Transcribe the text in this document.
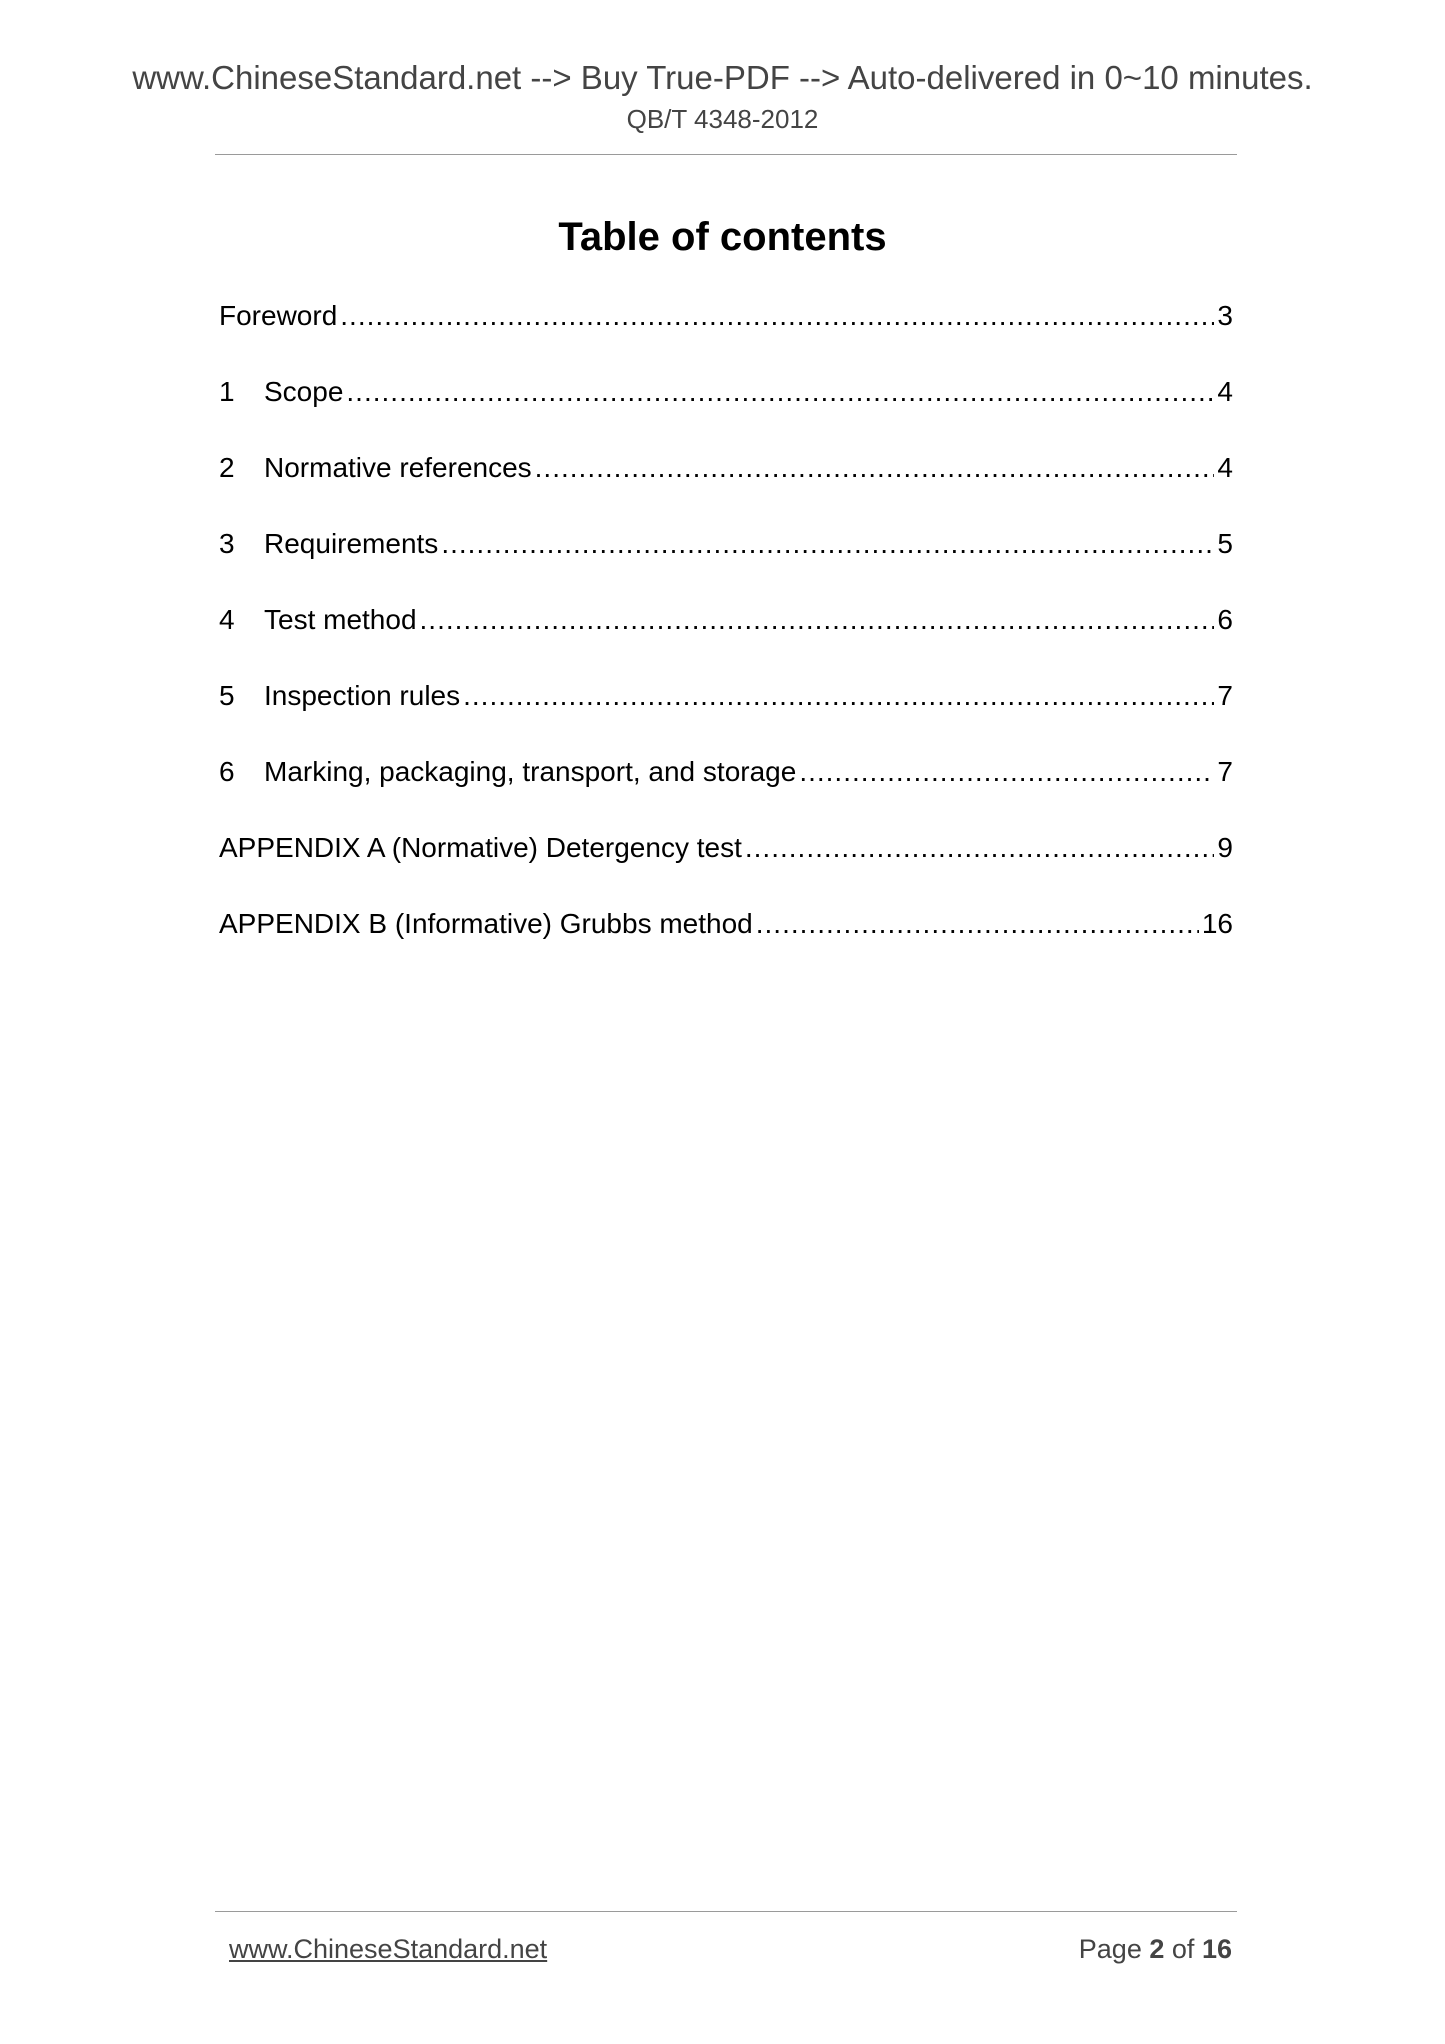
www.ChineseStandard.net --> Buy True-PDF --> Auto-delivered in 0~10 minutes.
QB/T 4348-2012
Table of contents
Foreword .....	3
1	Scope .....	4
2	Normative references .....	4
3	Requirements .....	5
4	Test method .....	6
5	Inspection rules .....	7
6	Marking, packaging, transport, and storage .....	7
APPENDIX A (Normative) Detergency test .....	9
APPENDIX B (Informative) Grubbs method .....	16
www.ChineseStandard.net	Page 2 of 16
